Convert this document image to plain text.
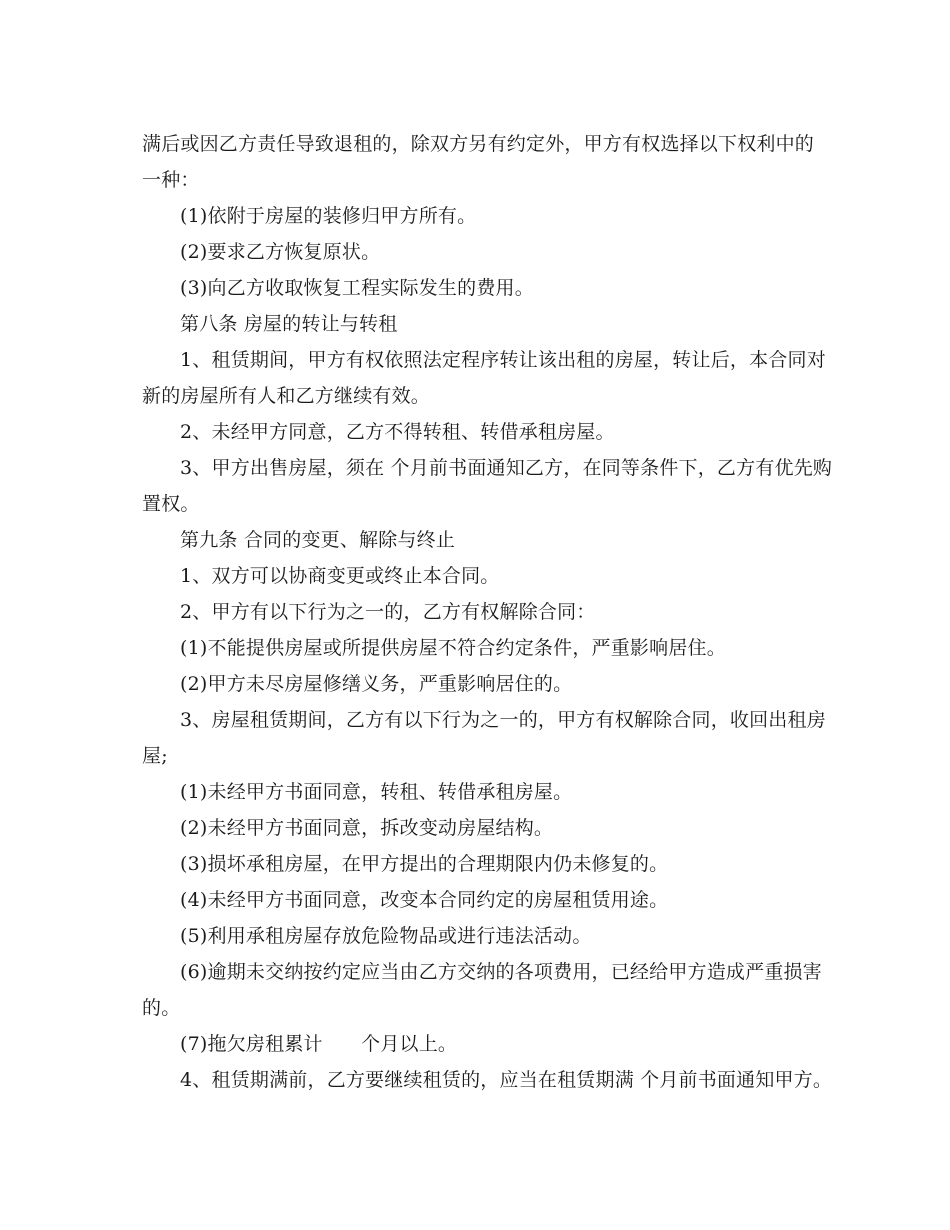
满后或因乙方责任导致退租的，除双方另有约定外，甲方有权选择以下权利中的
一种：
(1)依附于房屋的装修归甲方所有。
(2)要求乙方恢复原状。
(3)向乙方收取恢复工程实际发生的费用。
第八条 房屋的转让与转租
1、租赁期间，甲方有权依照法定程序转让该出租的房屋，转让后，本合同对
新的房屋所有人和乙方继续有效。
2、未经甲方同意，乙方不得转租、转借承租房屋。
3、甲方出售房屋，须在 个月前书面通知乙方，在同等条件下，乙方有优先购
置权。
第九条 合同的变更、解除与终止
1、双方可以协商变更或终止本合同。
2、甲方有以下行为之一的，乙方有权解除合同：
(1)不能提供房屋或所提供房屋不符合约定条件，严重影响居住。
(2)甲方未尽房屋修缮义务，严重影响居住的。
3、房屋租赁期间，乙方有以下行为之一的，甲方有权解除合同，收回出租房
屋;
(1)未经甲方书面同意，转租、转借承租房屋。
(2)未经甲方书面同意，拆改变动房屋结构。
(3)损坏承租房屋，在甲方提出的合理期限内仍未修复的。
(4)未经甲方书面同意，改变本合同约定的房屋租赁用途。
(5)利用承租房屋存放危险物品或进行违法活动。
(6)逾期未交纳按约定应当由乙方交纳的各项费用，已经给甲方造成严重损害
的。
(7)拖欠房租累计　　个月以上。
4、租赁期满前，乙方要继续租赁的，应当在租赁期满 个月前书面通知甲方。
